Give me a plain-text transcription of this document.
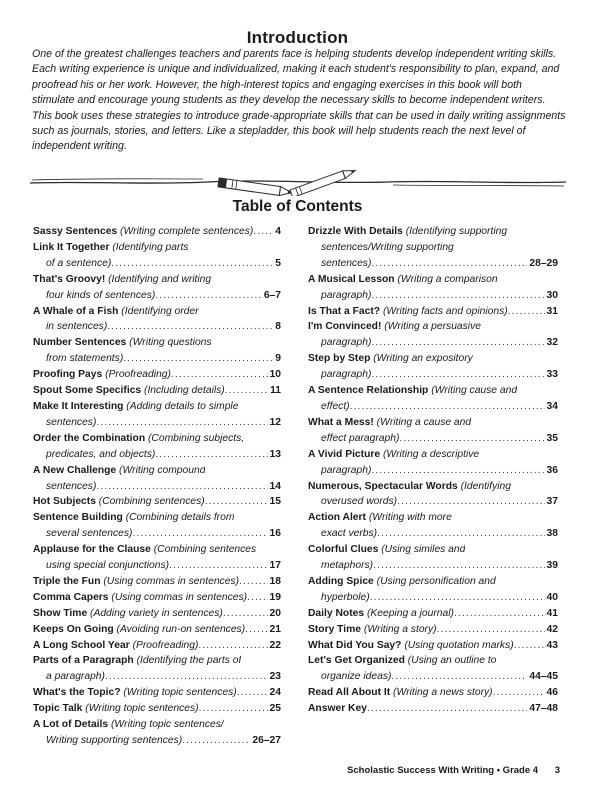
Introduction
One of the greatest challenges teachers and parents face is helping students develop independent writing skills. Each writing experience is unique and individualized, making it each student's responsibility to plan, expand, and proofread his or her work. However, the high-interest topics and engaging exercises in this book will both stimulate and encourage young students as they develop the necessary skills to become independent writers. This book uses these strategies to introduce grade-appropriate skills that can be used in daily writing assignments such as journals, stories, and letters. Like a stepladder, this book will help students reach the next level of independent writing.
Table of Contents
Sassy Sentences (Writing complete sentences) ..... 4
Link It Together (Identifying parts
of a sentence) .....	5
That's Groovy! (Identifying and writing
four kinds of sentences) .....	6–7
A Whale of a Fish (Identifying order
in sentences) .....	8
Number Sentences (Writing questions
from statements) .....	9
Proofing Pays (Proofreading) .....	10
Spout Some Specifics (Including details) .....	11
Make It Interesting (Adding details to simple
sentences) .....	12
Order the Combination (Combining subjects,
predicates, and objects) .....	13
A New Challenge (Writing compound
sentences) .....	14
Hot Subjects (Combining sentences) .....	15
Sentence Building (Combining details from
several sentences) .....	16
Applause for the Clause (Combining sentences
using special conjunctions) .....	17
Triple the Fun (Using commas in sentences) .....	18
Comma Capers (Using commas in sentences) ..... 19
Show Time (Adding variety in sentences) .....	20
Keeps On Going (Avoiding run-on sentences) ..... 21
A Long School Year (Proofreading) .....	22
Parts of a Paragraph (Identifying the parts of
a paragraph) .....	23
What's the Topic? (Writing topic sentences) .....	24
Topic Talk (Writing topic sentences) .....	25
A Lot of Details (Writing topic sentences/
Writing supporting sentences) .....	26–27
Drizzle With Details (Identifying supporting
sentences/Writing supporting
sentences) .....	28–29
A Musical Lesson (Writing a comparison
paragraph) .....	30
Is That a Fact? (Writing facts and opinions) .....	31
I'm Convinced! (Writing a persuasive
paragraph) .....	32
Step by Step (Writing an expository
paragraph) .....	33
A Sentence Relationship (Writing cause and
effect) .....	34
What a Mess! (Writing a cause and
effect paragraph) .....	35
A Vivid Picture (Writing a descriptive
paragraph) .....	36
Numerous, Spectacular Words (Identifying
overused words) .....	37
Action Alert (Writing with more
exact verbs) .....	38
Colorful Clues (Using similes and
metaphors) .....	39
Adding Spice (Using personification and
hyperbole) .....	40
Daily Notes (Keeping a journal) .....	41
Story Time (Writing a story) .....	42
What Did You Say? (Using quotation marks) .....	43
Let's Get Organized (Using an outline to
organize ideas) .....	44–45
Read All About It (Writing a news story) .....	46
Answer Key .....	47–48
Scholastic Success With Writing • Grade 4 3
